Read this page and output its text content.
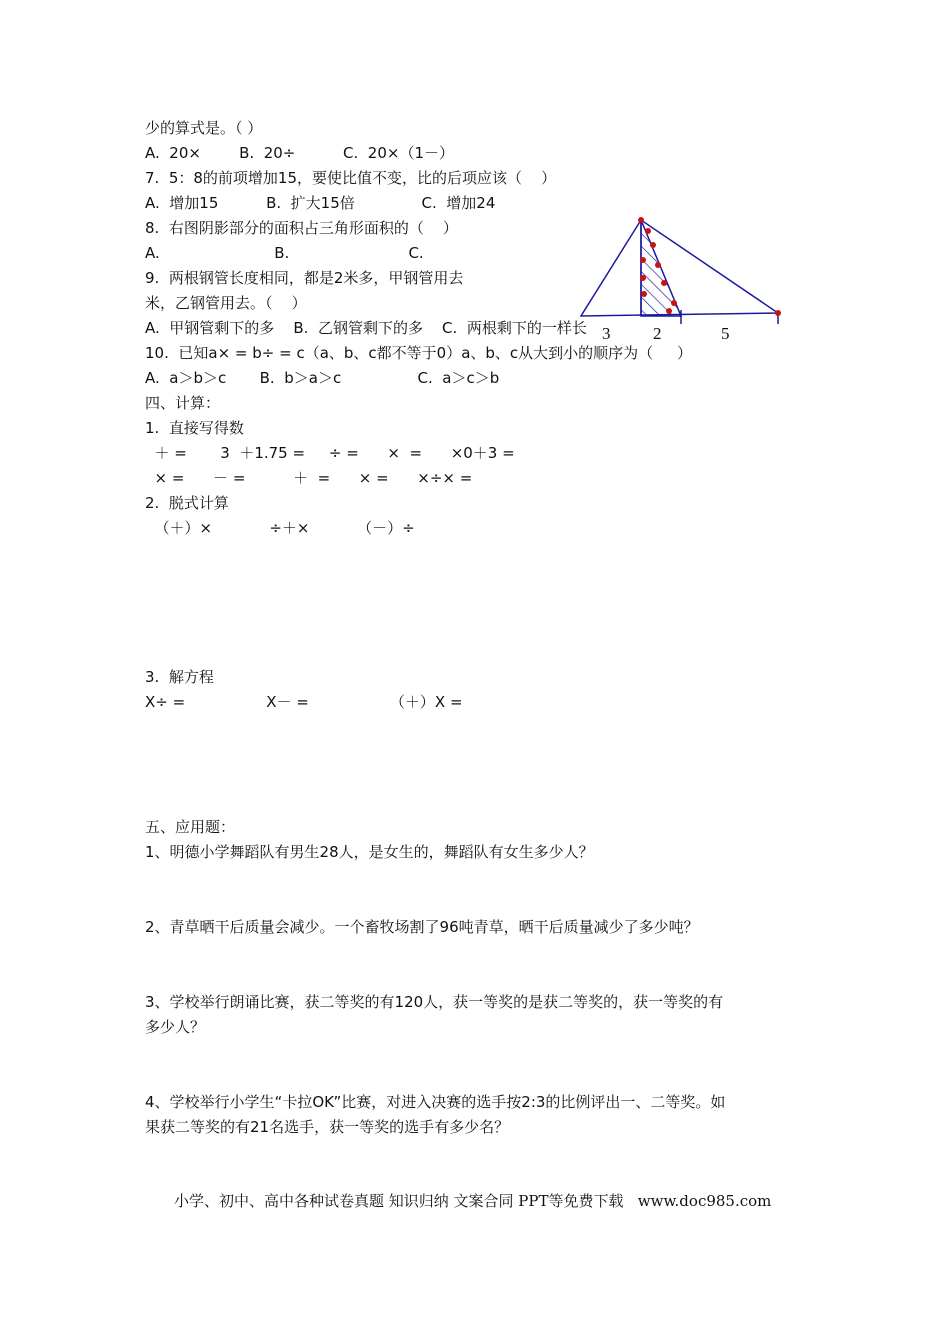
少的算式是。（ ）
A.  20×        B.  20÷          C.  20×（1－）
7.  5：8的前项增加15，要使比值不变，比的后项应该（    ）
A.  增加15          B.  扩大15倍              C.  增加24
8.  右图阴影部分的面积占三角形面积的（    ）
A.                        B.                         C.
9.  两根钢管长度相同，都是2米多，甲钢管用去
米，乙钢管用去。（    ）
A.  甲钢管剩下的多    B.  乙钢管剩下的多    C.  两根剩下的一样长
10.  已知a× = b÷ = c（a、b、c都不等于0）a、b、c从大到小的顺序为（     ）
A.  a＞b＞c       B.  b＞a＞c                C.  a＞c＞b
四、计算：
1.  直接写得数
＋ =       3  ＋1.75 =     ÷ =      ×  =      ×0＋3 =
× =      － =          ＋  =      × =      ×÷× =
2.  脱式计算
（＋）×            ÷＋×          （－）÷
3.  解方程
X÷ =                 X－ =                 （＋）X =
五、应用题：
1、明德小学舞蹈队有男生28人，是女生的，舞蹈队有女生多少人？
2、青草晒干后质量会减少。一个畜牧场割了96吨青草，晒干后质量减少了多少吨？
3、学校举行朗诵比赛，获二等奖的有120人，获一等奖的是获二等奖的，获一等奖的有
多少人？
4、学校举行小学生“卡拉OK”比赛，对进入决赛的选手按2:3的比例评出一、二等奖。如
果获二等奖的有21名选手，获一等奖的选手有多少名？
3	2	5
小学、初中、高中各种试卷真题 知识归纳 文案合同 PPT等免费下载   www.doc985.com
